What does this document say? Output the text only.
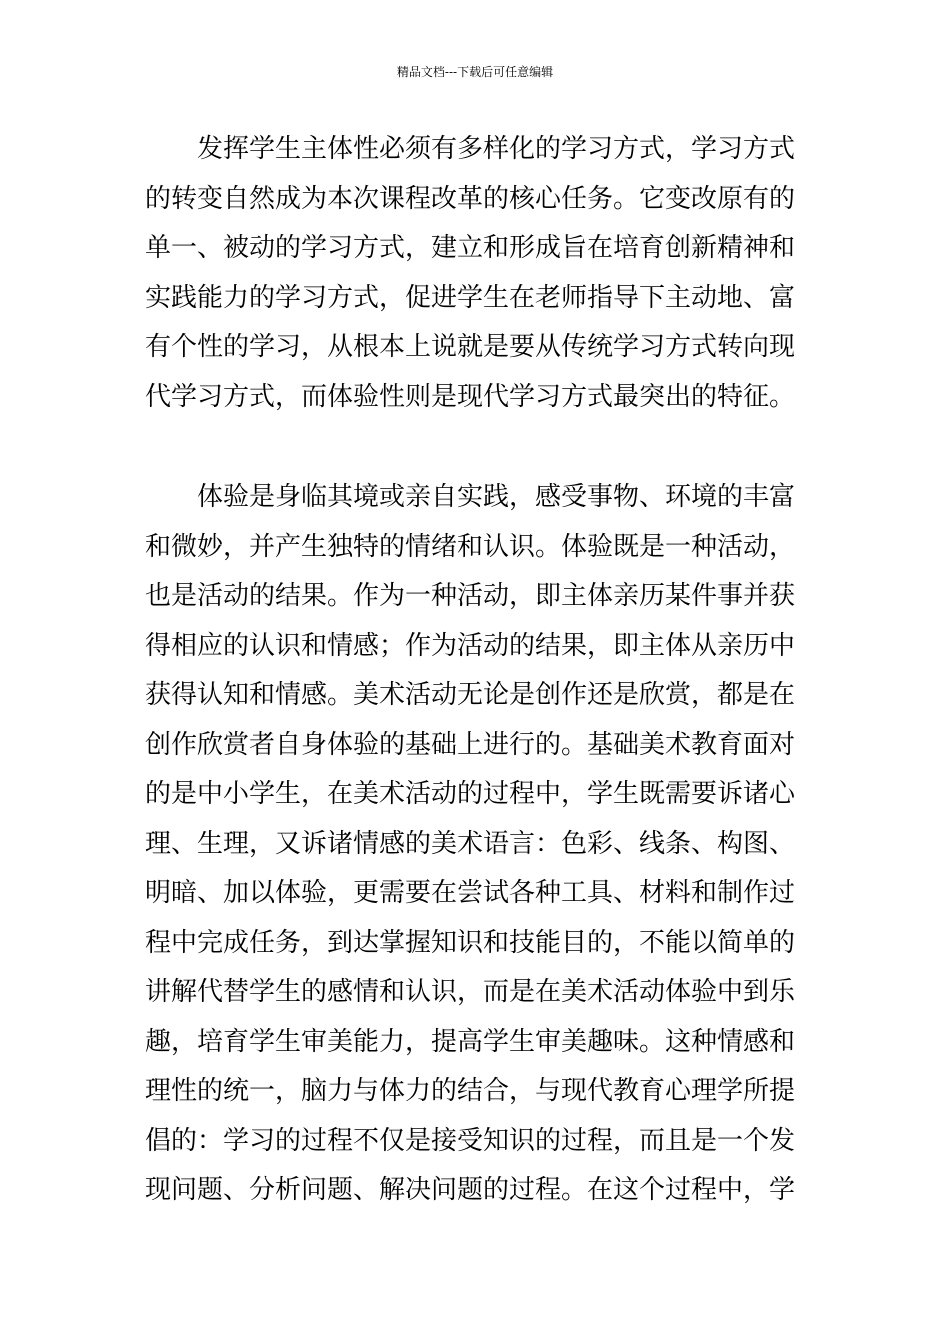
精品文档---下载后可任意编辑
　　发挥学生主体性必须有多样化的学习方式，学习方式
的转变自然成为本次课程改革的核心任务。它变改原有的
单一、被动的学习方式，建立和形成旨在培育创新精神和
实践能力的学习方式，促进学生在老师指导下主动地、富
有个性的学习，从根本上说就是要从传统学习方式转向现
代学习方式，而体验性则是现代学习方式最突出的特征。
　　体验是身临其境或亲自实践，感受事物、环境的丰富
和微妙，并产生独特的情绪和认识。体验既是一种活动，
也是活动的结果。作为一种活动，即主体亲历某件事并获
得相应的认识和情感；作为活动的结果，即主体从亲历中
获得认知和情感。美术活动无论是创作还是欣赏，都是在
创作欣赏者自身体验的基础上进行的。基础美术教育面对
的是中小学生，在美术活动的过程中，学生既需要诉诸心
理、生理，又诉诸情感的美术语言：色彩、线条、构图、
明暗、加以体验，更需要在尝试各种工具、材料和制作过
程中完成任务，到达掌握知识和技能目的，不能以简单的
讲解代替学生的感情和认识，而是在美术活动体验中到乐
趣，培育学生审美能力，提高学生审美趣味。这种情感和
理性的统一，脑力与体力的结合，与现代教育心理学所提
倡的：学习的过程不仅是接受知识的过程，而且是一个发
现问题、分析问题、解决问题的过程。在这个过程中，学
